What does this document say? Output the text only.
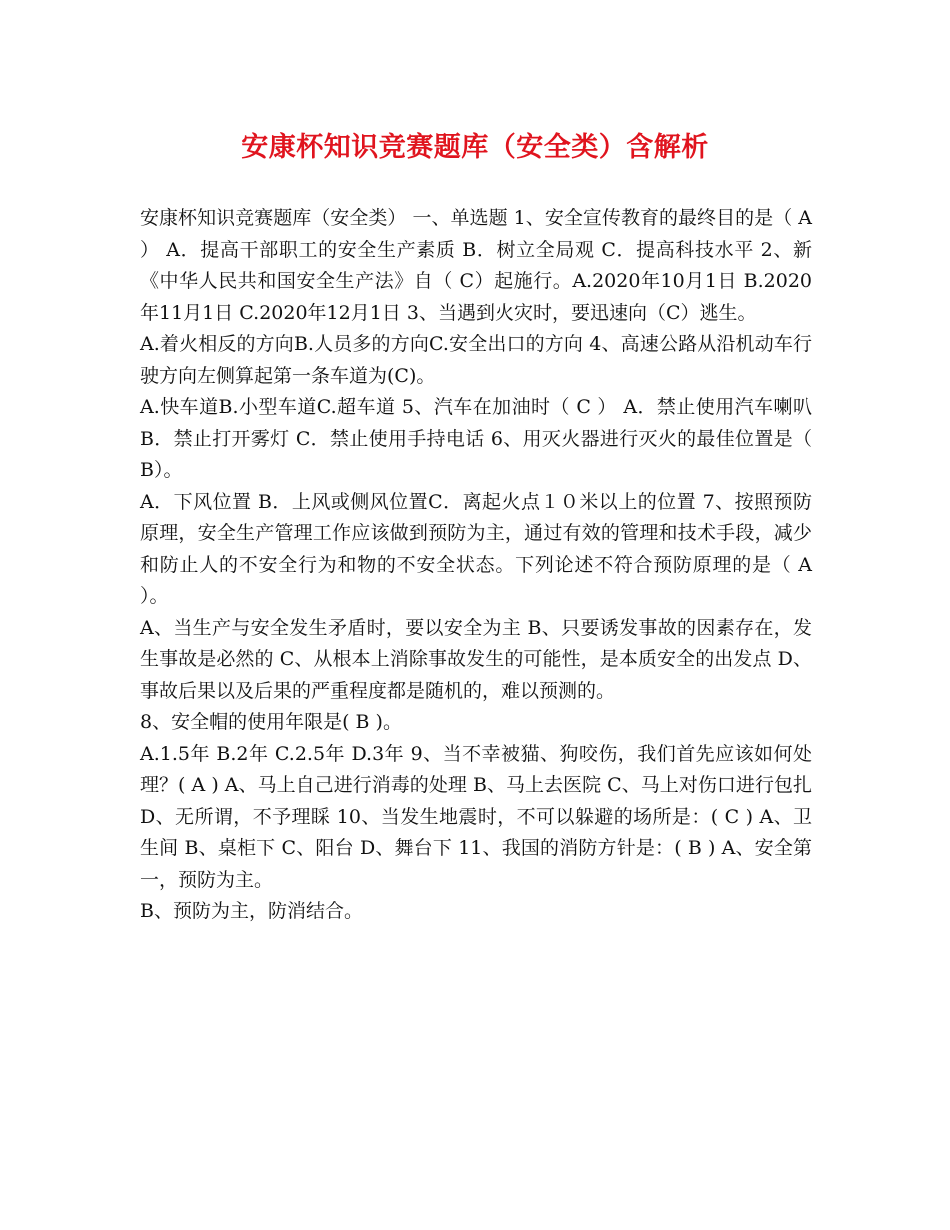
安康杯知识竞赛题库（安全类）含解析

安康杯知识竞赛题库（安全类） 一、单选题 1、安全宣传教育的最终目的是（ A ） A．提高干部职工的安全生产素质 B．树立全局观 C．提高科技水平 2、新《中华人民共和国安全生产法》自（ C）起施行。A.2020年10月1日 B.2020年11月1日 C.2020年12月1日 3、当遇到火灾时，要迅速向（C）逃生。

A.着火相反的方向B.人员多的方向C.安全出口的方向 4、高速公路从沿机动车行驶方向左侧算起第一条车道为(C)。

A.快车道B.小型车道C.超车道 5、汽车在加油时（ C ） A．禁止使用汽车喇叭 B．禁止打开雾灯 C．禁止使用手持电话 6、用灭火器进行灭火的最佳位置是（ B）。

A．下风位置 B．上风或侧风位置C．离起火点１０米以上的位置 7、按照预防原理，安全生产管理工作应该做到预防为主，通过有效的管理和技术手段，减少和防止人的不安全行为和物的不安全状态。下列论述不符合预防原理的是（ A ）。

A、当生产与安全发生矛盾时，要以安全为主 B、只要诱发事故的因素存在，发生事故是必然的 C、从根本上消除事故发生的可能性，是本质安全的出发点 D、 事故后果以及后果的严重程度都是随机的，难以预测的。

8、安全帽的使用年限是( B )。

A.1.5年 B.2年 C.2.5年 D.3年 9、当不幸被猫、狗咬伤，我们首先应该如何处理？( A ) A、马上自己进行消毒的处理 B、马上去医院 C、马上对伤口进行包扎 D、无所谓，不予理睬 10、当发生地震时，不可以躲避的场所是：( C ) A、卫生间 B、桌柜下 C、阳台 D、舞台下 11、我国的消防方针是：( B ) A、安全第一，预防为主。

B、预防为主，防消结合。
